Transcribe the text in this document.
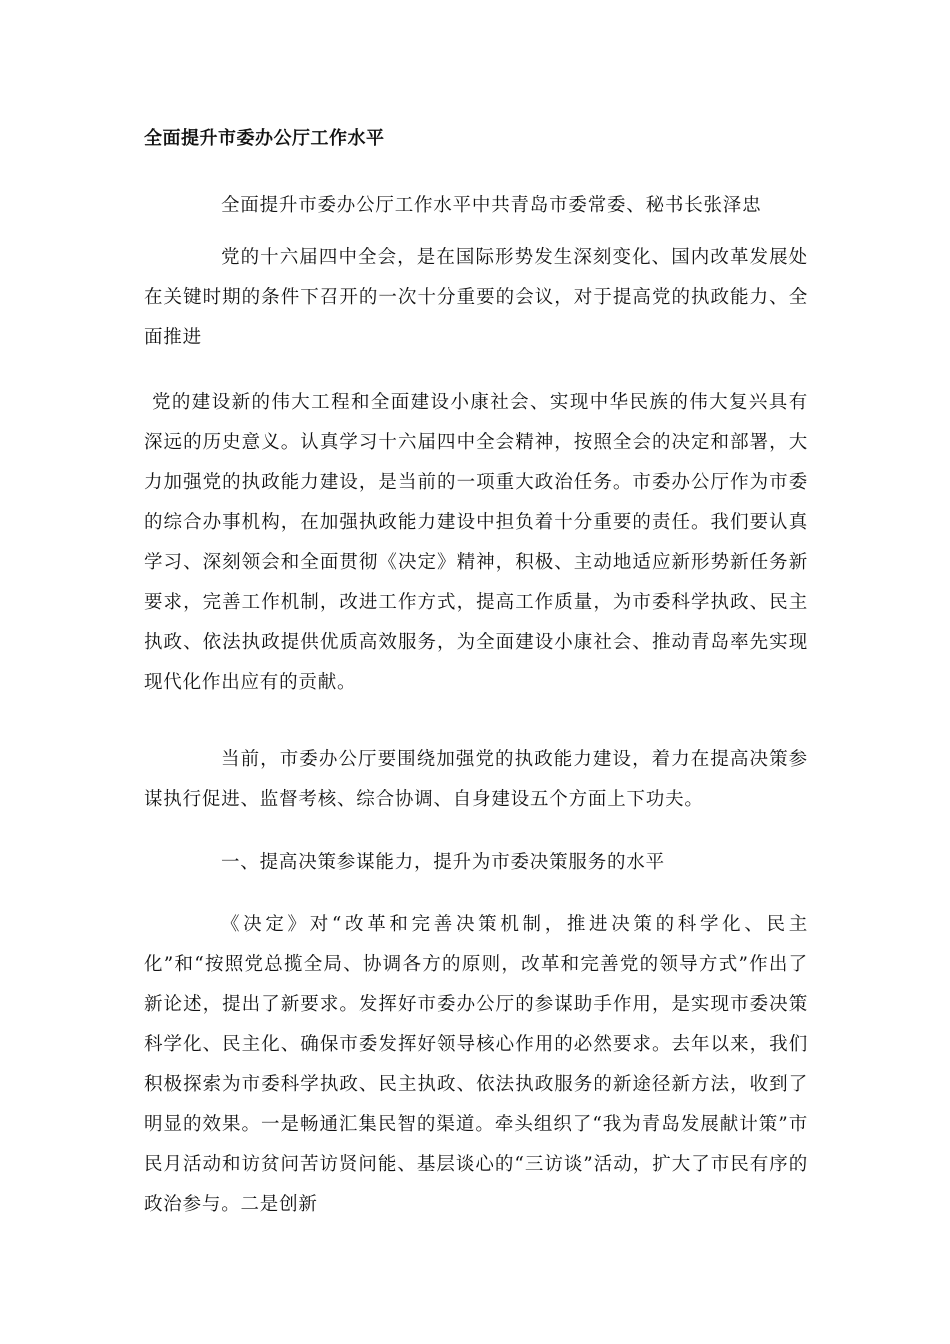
全面提升市委办公厅工作水平

全面提升市委办公厅工作水平中共青岛市委常委、秘书长张泽忠

党的十六届四中全会，是在国际形势发生深刻变化、国内改革发展处在关键时期的条件下召开的一次十分重要的会议，对于提高党的执政能力、全面推进

党的建设新的伟大工程和全面建设小康社会、实现中华民族的伟大复兴具有深远的历史意义。认真学习十六届四中全会精神，按照全会的决定和部署，大力加强党的执政能力建设，是当前的一项重大政治任务。市委办公厅作为市委的综合办事机构，在加强执政能力建设中担负着十分重要的责任。我们要认真学习、深刻领会和全面贯彻《决定》精神，积极、主动地适应新形势新任务新要求，完善工作机制，改进工作方式，提高工作质量，为市委科学执政、民主执政、依法执政提供优质高效服务，为全面建设小康社会、推动青岛率先实现现代化作出应有的贡献。

当前，市委办公厅要围绕加强党的执政能力建设，着力在提高决策参谋执行促进、监督考核、综合协调、自身建设五个方面上下功夫。

一、提高决策参谋能力，提升为市委决策服务的水平

《决定》对“改革和完善决策机制，推进决策的科学化、民主化”和“按照党总揽全局、协调各方的原则，改革和完善党的领导方式”作出了新论述，提出了新要求。发挥好市委办公厅的参谋助手作用，是实现市委决策科学化、民主化、确保市委发挥好领导核心作用的必然要求。去年以来，我们积极探索为市委科学执政、民主执政、依法执政服务的新途径新方法，收到了明显的效果。一是畅通汇集民智的渠道。牵头组织了“我为青岛发展献计策”市民月活动和访贫问苦访贤问能、基层谈心的“三访谈”活动，扩大了市民有序的政治参与。二是创新
